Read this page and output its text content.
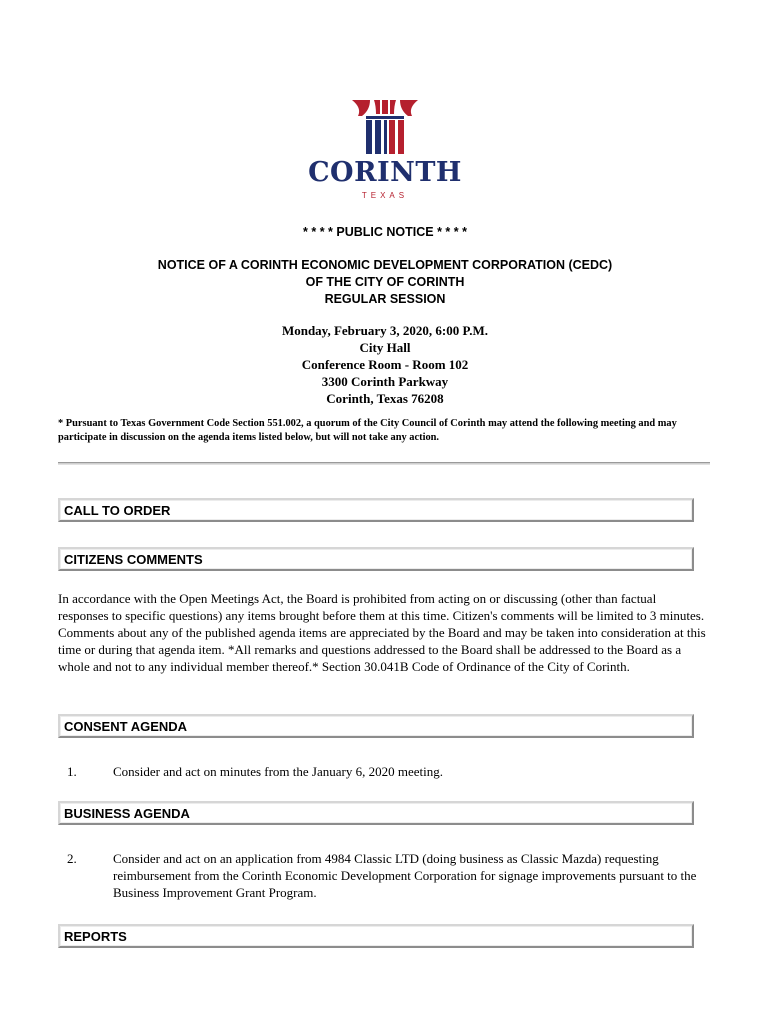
CORINTH
TEXAS
* * * * PUBLIC NOTICE * * * *
NOTICE OF A CORINTH ECONOMIC DEVELOPMENT CORPORATION (CEDC)
OF THE CITY OF CORINTH
REGULAR SESSION
Monday, February 3, 2020, 6:00 P.M.
City Hall
Conference Room - Room 102
3300 Corinth Parkway
Corinth, Texas 76208
* Pursuant to Texas Government Code Section 551.002, a quorum of the City Council of Corinth may attend the following meeting and may participate in discussion on the agenda items listed below, but will not take any action.
CALL TO ORDER
CITIZENS COMMENTS
In accordance with the Open Meetings Act, the Board is prohibited from acting on or discussing (other than factual responses to specific questions) any items brought before them at this time. Citizen's comments will be limited to 3 minutes. Comments about any of the published agenda items are appreciated by the Board and may be taken into consideration at this time or during that agenda item. *All remarks and questions addressed to the Board shall be addressed to the Board as a whole and not to any individual member thereof.* Section 30.041B Code of Ordinance of the City of Corinth.
CONSENT AGENDA
1.	Consider and act on minutes from the January 6, 2020 meeting.
BUSINESS AGENDA
2.	Consider and act on an application from 4984 Classic LTD (doing business as Classic Mazda) requesting reimbursement from the Corinth Economic Development Corporation for signage improvements pursuant to the Business Improvement Grant Program.
REPORTS
